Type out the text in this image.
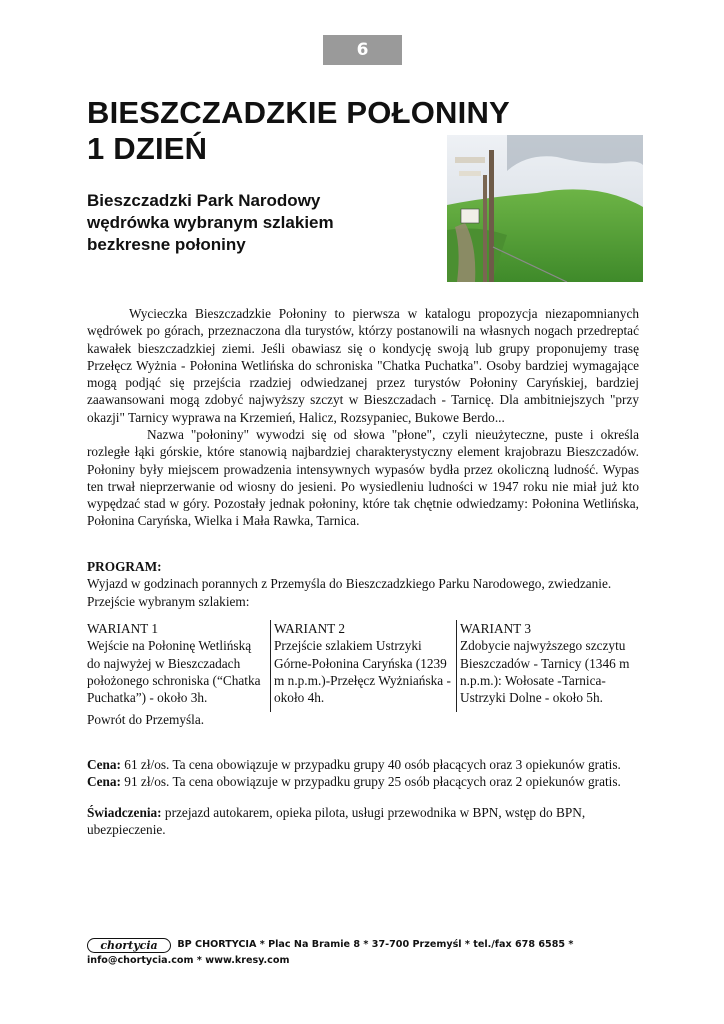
6
BIESZCZADZKIE POŁONINY
1 DZIEŃ
Bieszczadzki Park Narodowy
wędrówka wybranym szlakiem
bezkresne połoniny

Wycieczka Bieszczadzkie Połoniny to pierwsza w katalogu propozycja niezapomnianych wędrówek po górach, przeznaczona dla turystów, którzy postanowili na własnych nogach przedreptać kawałek bieszczadzkiej ziemi. Jeśli obawiasz się o kondycję swoją lub grupy proponujemy trasę Przełęcz Wyżnia - Połonina Wetlińska do schroniska "Chatka Puchatka". Osoby bardziej wymagające mogą podjąć się przejścia rzadziej odwiedzanej przez turystów Połoniny Caryńskiej, bardziej zaawansowani mogą zdobyć najwyższy szczyt w Bieszczadach - Tarnicę. Dla ambitniejszych "przy okazji" Tarnicy wyprawa na Krzemień, Halicz, Rozsypaniec, Bukowe Berdo...

Nazwa "połoniny" wywodzi się od słowa "płone", czyli nieużyteczne, puste i określa rozległe łąki górskie, które stanowią najbardziej charakterystyczny element krajobrazu Bieszczadów. Połoniny były miejscem prowadzenia intensywnych wypasów bydła przez okoliczną ludność. Wypas ten trwał nieprzerwanie od wiosny do jesieni. Po wysiedleniu ludności w 1947 roku nie miał już kto wypędzać stad w góry. Pozostały jednak połoniny, które tak chętnie odwiedzamy: Połonina Wetlińska, Połonina Caryńska, Wielka i Mała Rawka, Tarnica.

PROGRAM:
Wyjazd w godzinach porannych z Przemyśla do Bieszczadzkiego Parku Narodowego, zwiedzanie.
Przejście wybranym szlakiem:
WARIANT 1
Wejście na Połoninę Wetlińską do najwyżej w Bieszczadach położonego schroniska (“Chatka Puchatka”) - około 3h.
WARIANT 2
Przejście szlakiem Ustrzyki Górne-Połonina Caryńska (1239 m n.p.m.)-Przełęcz Wyżniańska - około 4h.
WARIANT 3
Zdobycie najwyższego szczytu Bieszczadów - Tarnicy (1346 m n.p.m.): Wołosate -Tarnica-Ustrzyki Dolne - około 5h.
Powrót do Przemyśla.
Cena: 61 zł/os. Ta cena obowiązuje w przypadku grupy 40 osób płacących oraz 3 opiekunów gratis.
Cena: 91 zł/os. Ta cena obowiązuje w przypadku grupy 25 osób płacących oraz 2 opiekunów gratis.
Świadczenia: przejazd autokarem, opieka pilota, usługi przewodnika w BPN, wstęp do BPN, ubezpieczenie.
chortycia BP CHORTYCIA * Plac Na Bramie 8 * 37-700 Przemyśl * tel./fax 678 6585 * info@chortycia.com * www.kresy.com
